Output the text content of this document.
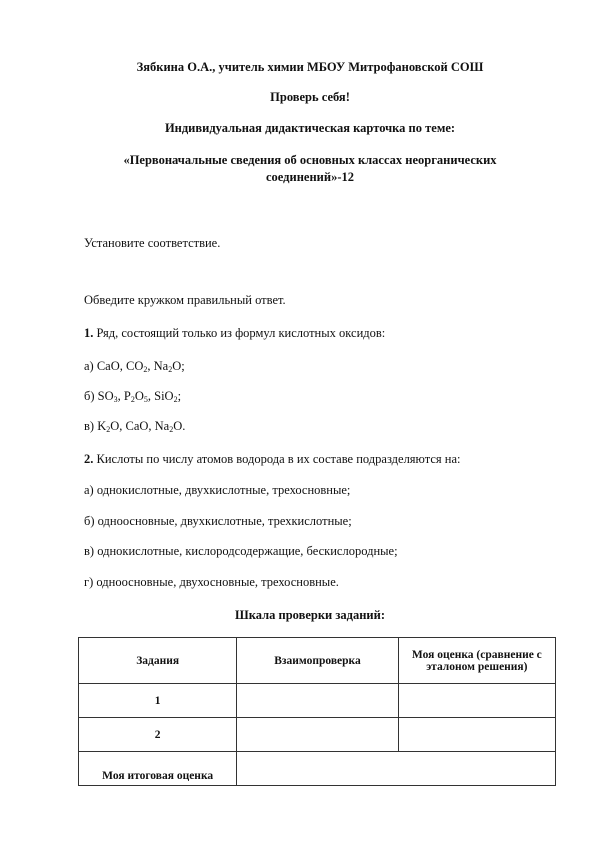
Зябкина О.А., учитель химии МБОУ Митрофановской СОШ
Проверь себя!
Индивидуальная дидактическая карточка по теме:
«Первоначальные сведения об основных классах неорганических
соединений»-12
Установите соответствие.
Обведите кружком правильный ответ.
1. Ряд, состоящий только из формул кислотных оксидов:
а) CaO, $CO_2$, $Na_2O$;
б) $SO_3$, $P_2O_5$, SiO$_2$;
в) $K_2O$, CaO, $Na_2O$.
2. Кислоты по числу атомов водорода в их составе подразделяются на:
а) однокислотные, двухкислотные, трехосновные;
б) одноосновные, двухкислотные, трехкислотные;
в) однокислотные, кислородсодержащие, бескислородные;
г) одноосновные, двухосновные, трехосновные.
Шкала проверки заданий:
Задания	Взаимопроверка	Моя оценка (сравнение с эталоном решения)
1		
2		
Моя итоговая оценка		
